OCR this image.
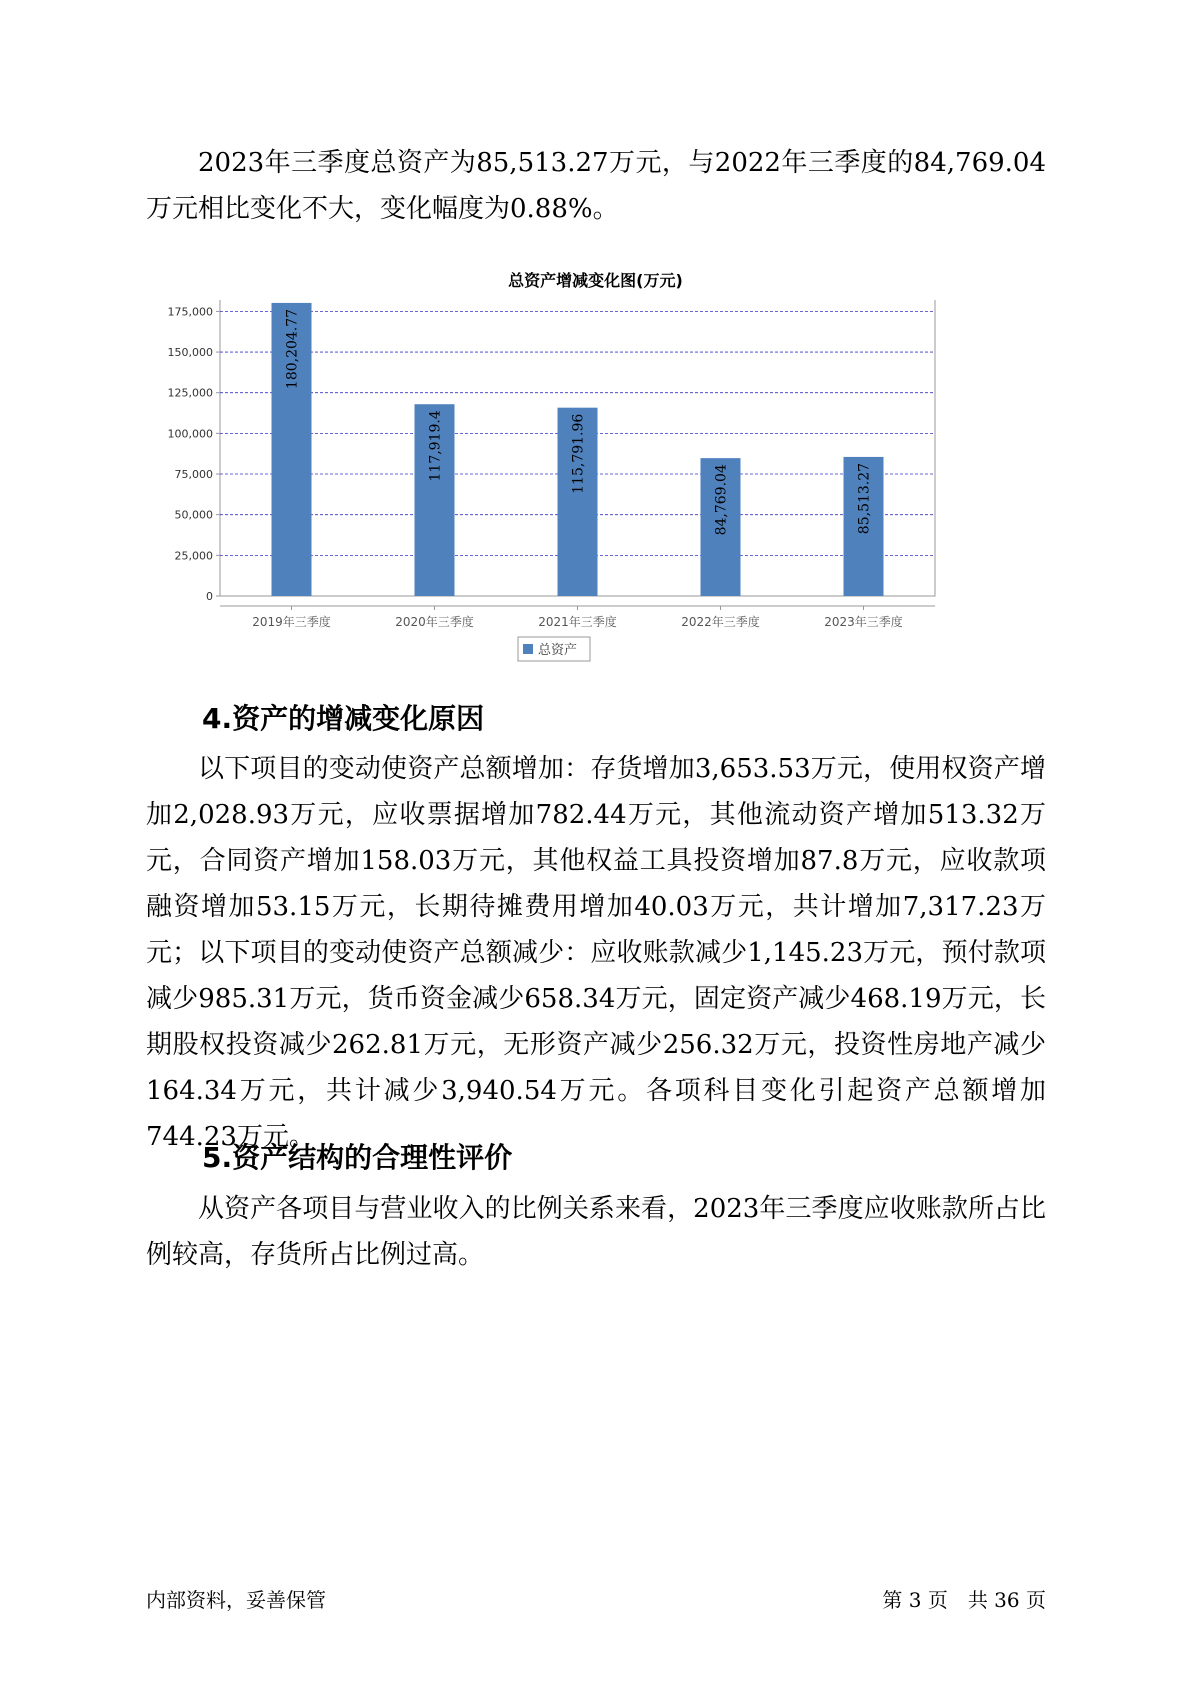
2023年三季度总资产为85,513.27万元，与2022年三季度的84,769.04万元相比变化不大，变化幅度为0.88%。

总资产增减变化图(万元)
0
25,000
50,000
75,000
100,000
125,000
150,000
175,000	180,204.77
2019年三季度
117,919.4
2020年三季度
115,791.96
2021年三季度
84,769.04
2022年三季度
85,513.27
2023年三季度
总资产
4.资产的增减变化原因

以下项目的变动使资产总额增加：存货增加3,653.53万元，使用权资产增加2,028.93万元，应收票据增加782.44万元，其他流动资产增加513.32万元，合同资产增加158.03万元，其他权益工具投资增加87.8万元，应收款项融资增加53.15万元，长期待摊费用增加40.03万元，共计增加7,317.23万元；以下项目的变动使资产总额减少：应收账款减少1,145.23万元，预付款项减少985.31万元，货币资金减少658.34万元，固定资产减少468.19万元，长期股权投资减少262.81万元，无形资产减少256.32万元，投资性房地产减少164.34万元，共计减少3,940.54万元。各项科目变化引起资产总额增加744.23万元。

5.资产结构的合理性评价

从资产各项目与营业收入的比例关系来看，2023年三季度应收账款所占比例较高，存货所占比例过高。

内部资料，妥善保管	第 3 页　共 36 页
